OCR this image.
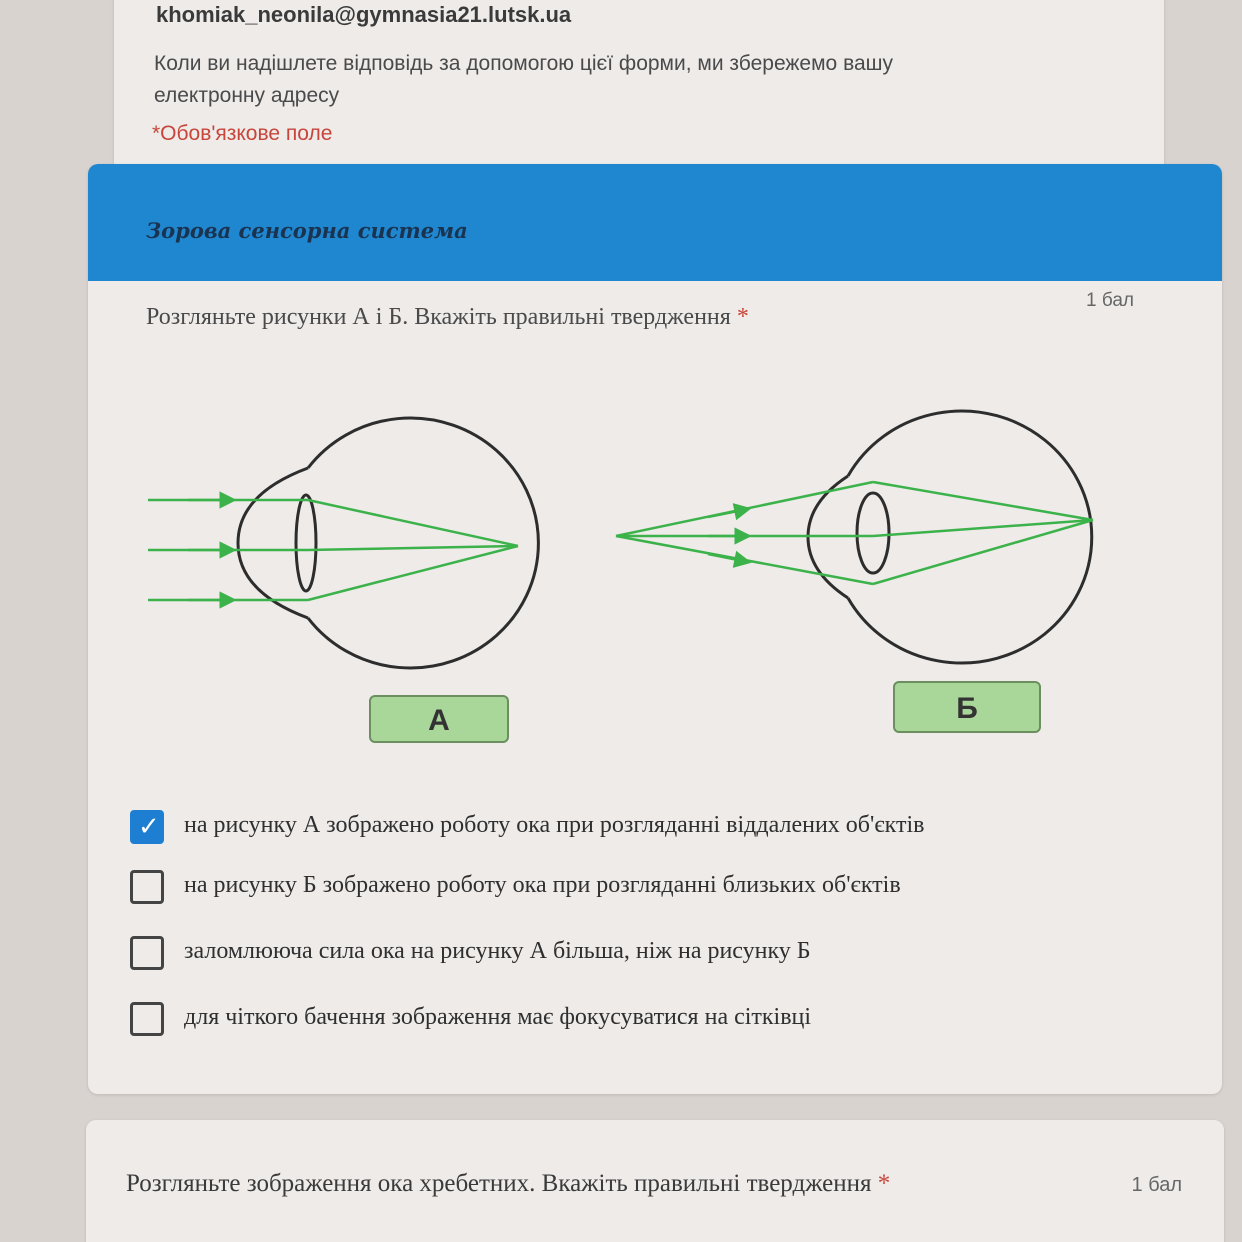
khomiak_neonila@gymnasia21.lutsk.ua
Коли ви надішлете відповідь за допомогою цієї форми, ми збережемо вашу
електронну адресу
*Обов'язкове поле
Зорова сенсорна система
Розгляньте рисунки А і Б. Вкажіть правильні твердження *
1 бал
А	Б
✓ на рисунку А зображено роботу ока при розгляданні віддалених об'єктів
на рисунку Б зображено роботу ока при розгляданні близьких об'єктів
заломлююча сила ока на рисунку А більша, ніж на рисунку Б
для чіткого бачення зображення має фокусуватися на сітківці
Розгляньте зображення ока хребетних. Вкажіть правильні твердження *	1 бал
